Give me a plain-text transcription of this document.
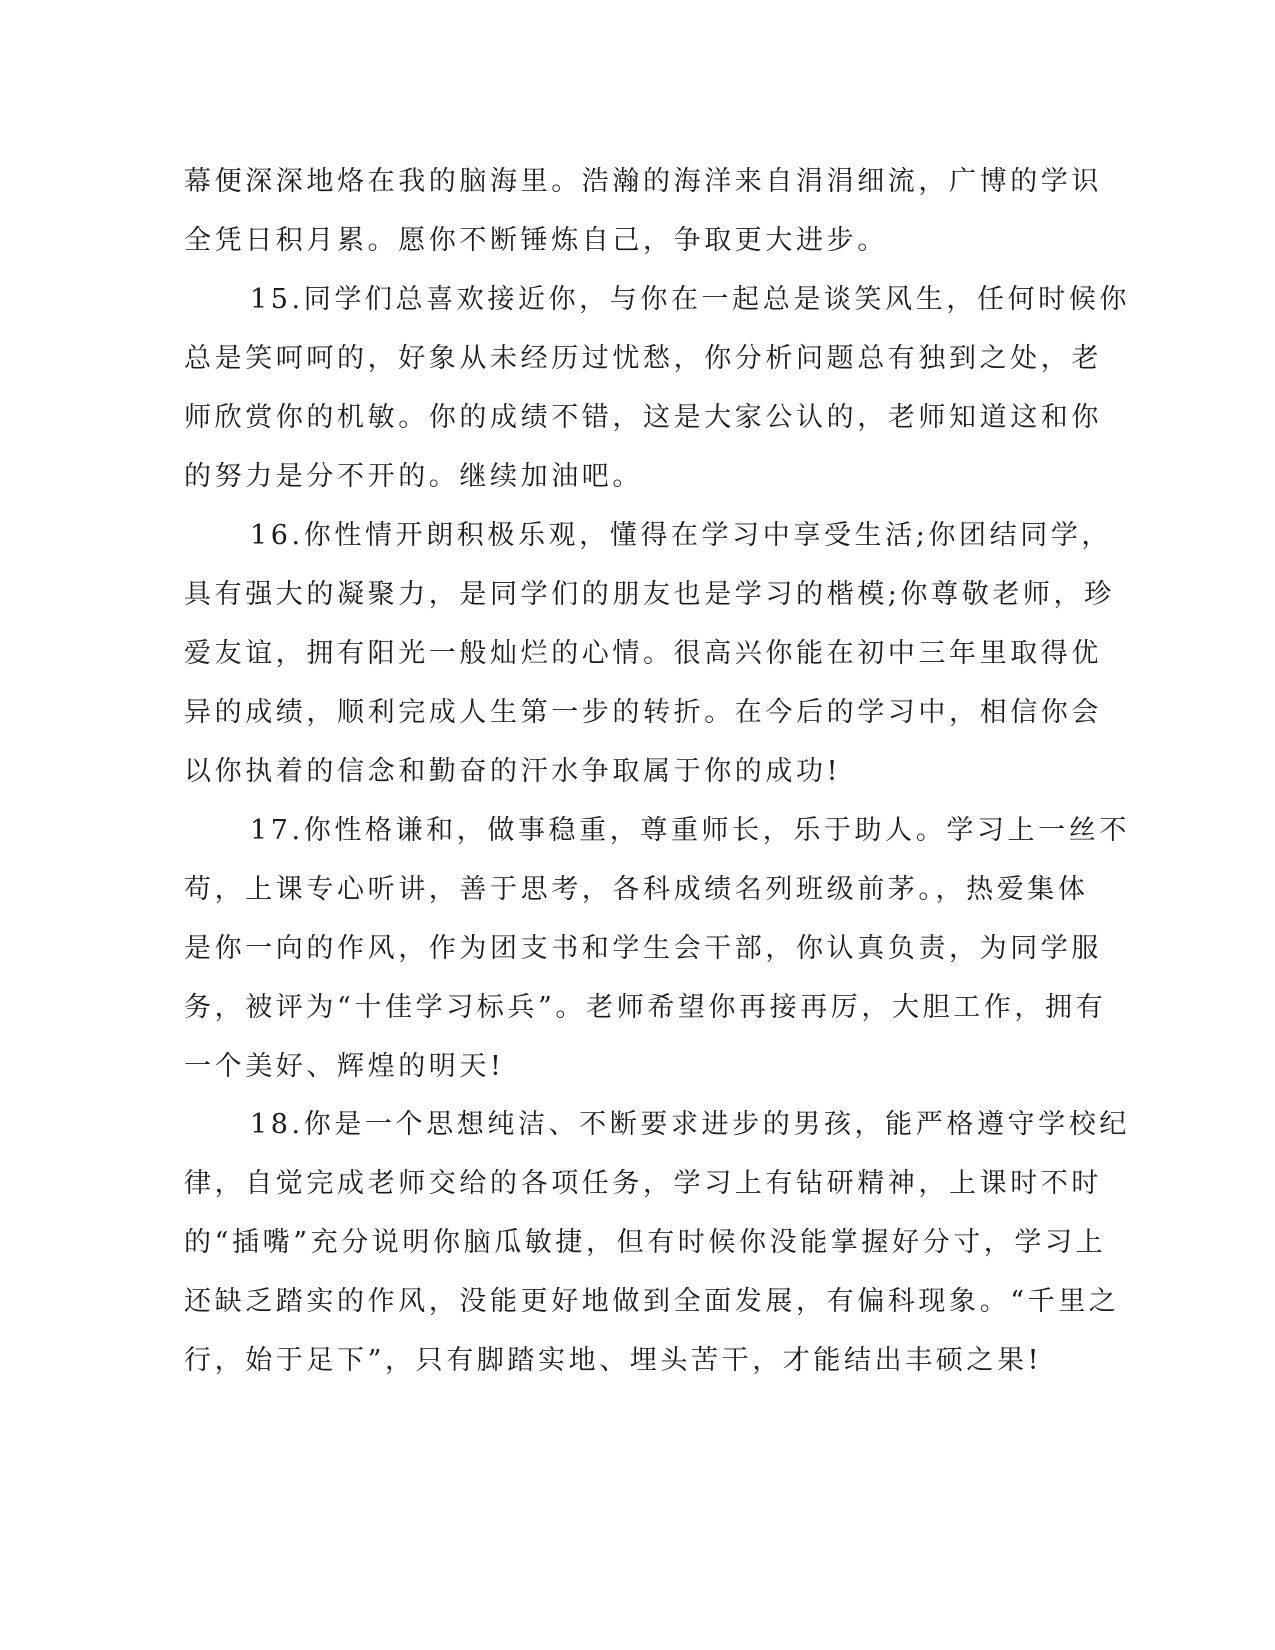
幕便深深地烙在我的脑海里。浩瀚的海洋来自涓涓细流，广博的学识
全凭日积月累。愿你不断锤炼自己，争取更大进步。
15.同学们总喜欢接近你，与你在一起总是谈笑风生，任何时候你
总是笑呵呵的，好象从未经历过忧愁，你分析问题总有独到之处，老
师欣赏你的机敏。你的成绩不错，这是大家公认的，老师知道这和你
的努力是分不开的。继续加油吧。
16.你性情开朗积极乐观，懂得在学习中享受生活;你团结同学，
具有强大的凝聚力，是同学们的朋友也是学习的楷模;你尊敬老师，珍
爱友谊，拥有阳光一般灿烂的心情。很高兴你能在初中三年里取得优
异的成绩，顺利完成人生第一步的转折。在今后的学习中，相信你会
以你执着的信念和勤奋的汗水争取属于你的成功!
17.你性格谦和，做事稳重，尊重师长，乐于助人。学习上一丝不
苟，上课专心听讲，善于思考，各科成绩名列班级前茅。，热爱集体
是你一向的作风，作为团支书和学生会干部，你认真负责，为同学服
务，被评为“十佳学习标兵”。老师希望你再接再厉，大胆工作，拥有
一个美好、辉煌的明天!
18.你是一个思想纯洁、不断要求进步的男孩，能严格遵守学校纪
律，自觉完成老师交给的各项任务，学习上有钻研精神，上课时不时
的“插嘴”充分说明你脑瓜敏捷，但有时候你没能掌握好分寸，学习上
还缺乏踏实的作风，没能更好地做到全面发展，有偏科现象。“千里之
行，始于足下”，只有脚踏实地、埋头苦干，才能结出丰硕之果!
